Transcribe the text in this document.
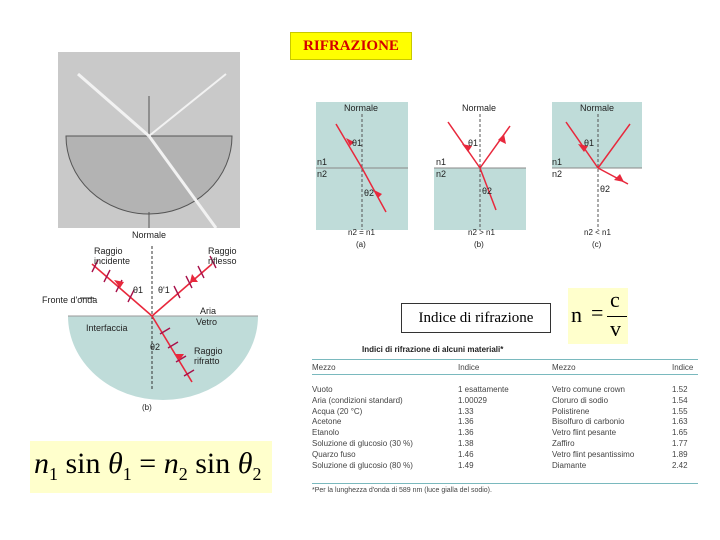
RIFRAZIONE
Normale	Normale	Normale
n1
n2
θ1
θ2
n2 = n1
(a)
n1
n2
θ1
θ2
n2 > n1
(b)
n1
n2
θ1
θ2
n2 < n1
(c)
Normale
Raggio incidente
Raggio riflesso
Fronte d'onda
Aria
Vetro
Interfaccia
Raggio rifratto
θ1 θ'1
θ2
(b)
Indice di rifrazione	n =
c
v
$n_1$ $\sin \theta_1 = n_2$ $\sin \theta_2$
Indici di rifrazione di alcuni materiali*
Mezzo	Indice	Mezzo	Indice
Vuoto	1 esattamente	Vetro comune crown	1.52
Aria (condizioni standard)	1.00029	Cloruro di sodio	1.54
Acqua (20 °C)	1.33	Polistirene	1.55
Acetone	1.36	Bisolfuro di carbonio	1.63
Etanolo	1.36	Vetro flint pesante	1.65
Soluzione di glucosio (30 %)	1.38	Zaffiro	1.77
Quarzo fuso	1.46	Vetro flint pesantissimo	1.89
Soluzione di glucosio (80 %)	1.49	Diamante	2.42
*Per la lunghezza d'onda di 589 nm (luce gialla del sodio).
